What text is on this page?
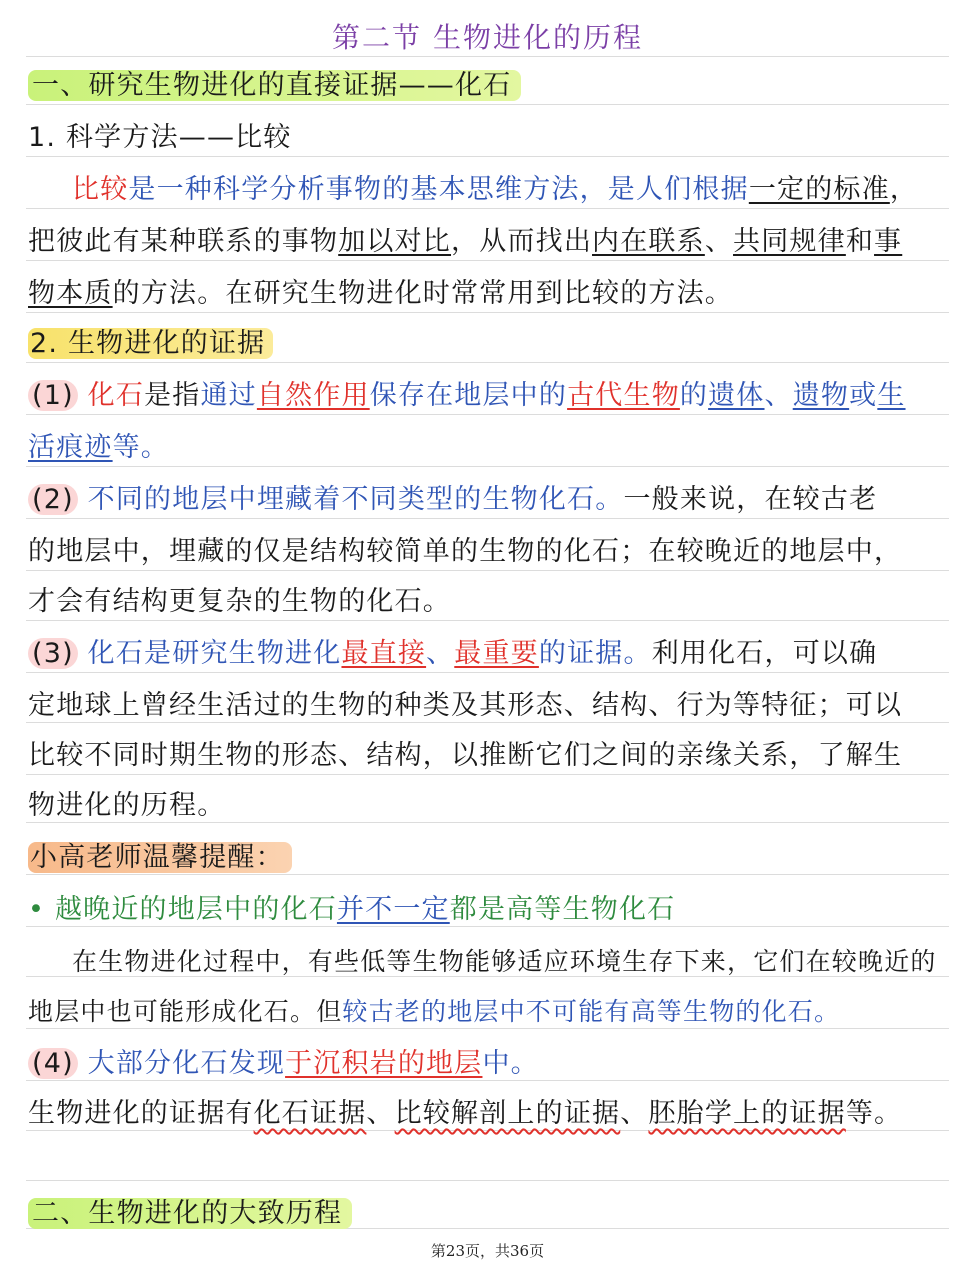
第二节 生物进化的历程
一、研究生物进化的直接证据——化石
1. 科学方法——比较
比较是一种科学分析事物的基本思维方法，是人们根据一定的标准，
把彼此有某种联系的事物加以对比，从而找出内在联系、共同规律和事
物本质的方法。在研究生物进化时常常用到比较的方法。
2. 生物进化的证据
(1) 化石是指通过自然作用保存在地层中的古代生物的遗体、遗物或生
活痕迹等。
(2) 不同的地层中埋藏着不同类型的生物化石。一般来说，在较古老
的地层中，埋藏的仅是结构较简单的生物的化石；在较晚近的地层中，
才会有结构更复杂的生物的化石。
(3) 化石是研究生物进化最直接、最重要的证据。利用化石，可以确
定地球上曾经生活过的生物的种类及其形态、结构、行为等特征；可以
比较不同时期生物的形态、结构，以推断它们之间的亲缘关系，了解生
物进化的历程。
小高老师温馨提醒：
• 越晚近的地层中的化石并不一定都是高等生物化石
在生物进化过程中，有些低等生物能够适应环境生存下来，它们在较晚近的
地层中也可能形成化石。但较古老的地层中不可能有高等生物的化石。
(4) 大部分化石发现于沉积岩的地层中。
生物进化的证据有化石证据、比较解剖上的证据、胚胎学上的证据等。
二、生物进化的大致历程
第23页，共36页
